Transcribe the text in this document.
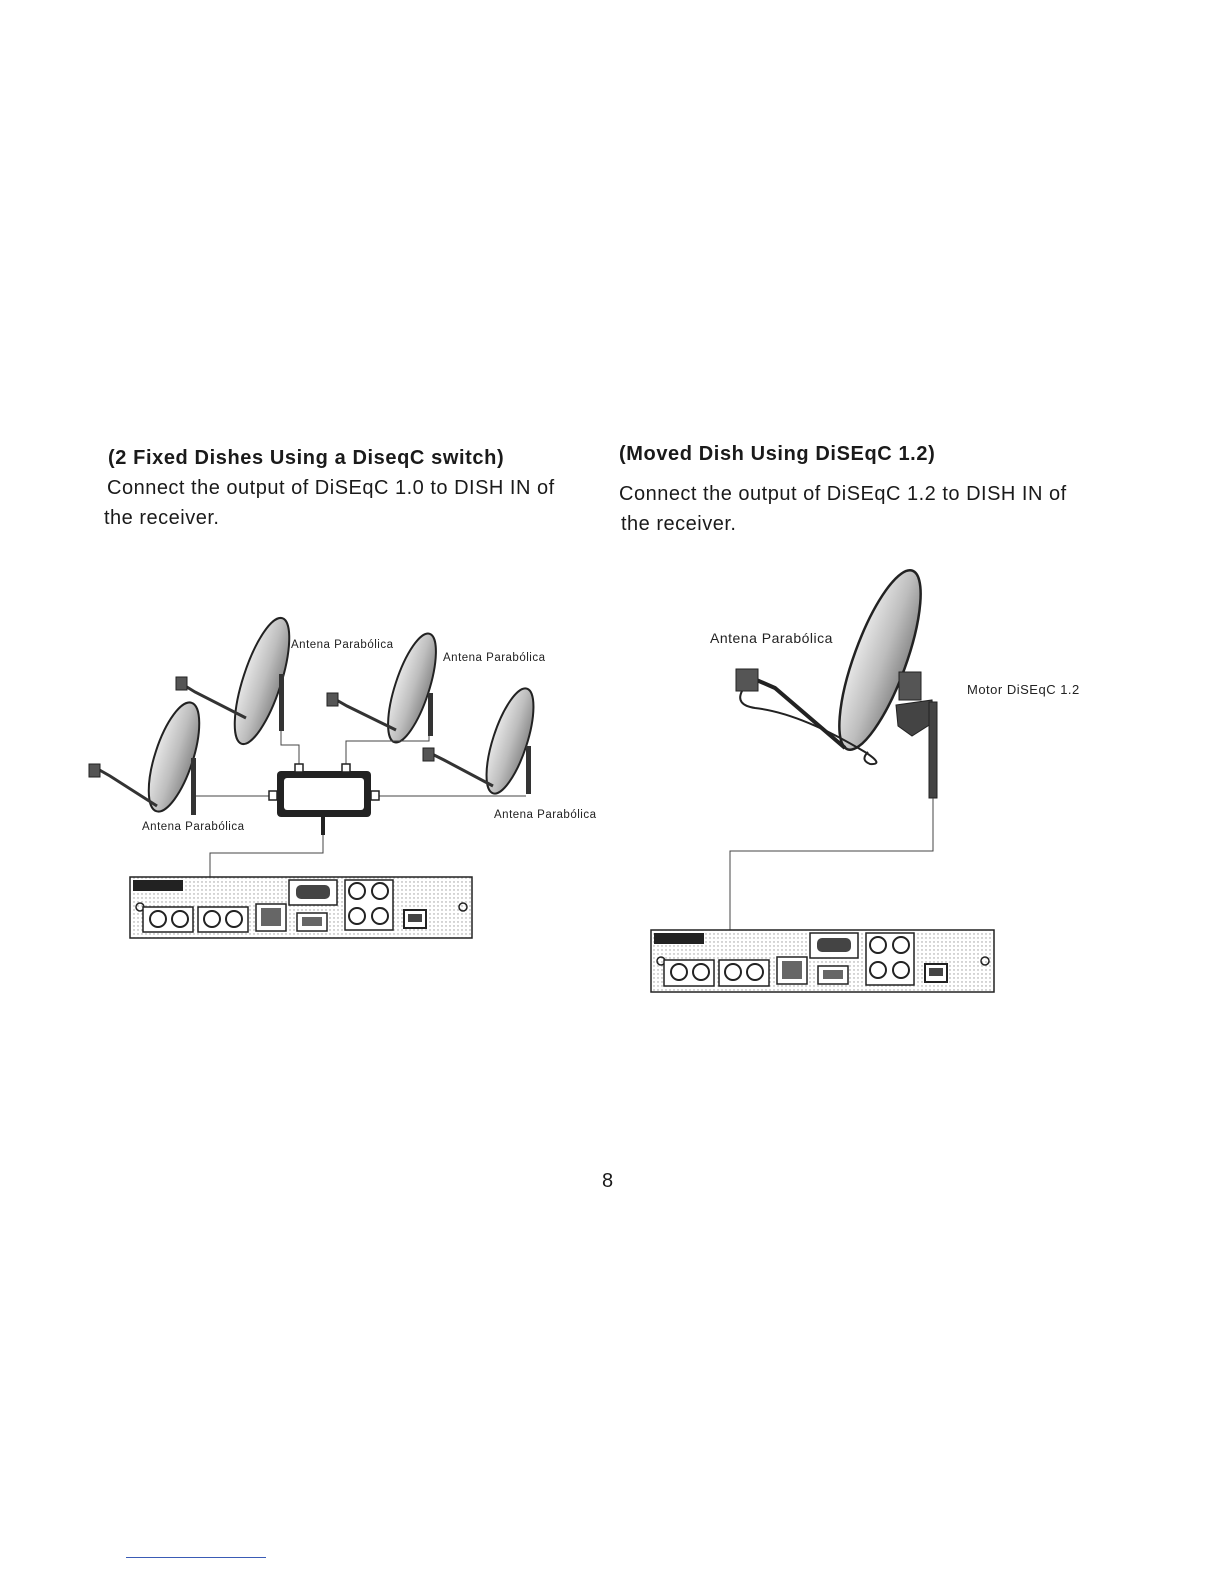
(2 Fixed Dishes Using a DiseqC switch)
Connect the output of DiSEqC 1.0 to DISH IN of
the receiver.
(Moved Dish Using DiSEqC 1.2)
Connect the output of DiSEqC 1.2 to DISH IN of
the receiver.
Antena Parabólica
Antena Parabólica
Antena Parabólica
Antena Parabólica
Antena Parabólica
Motor DiSEqC 1.2
8
